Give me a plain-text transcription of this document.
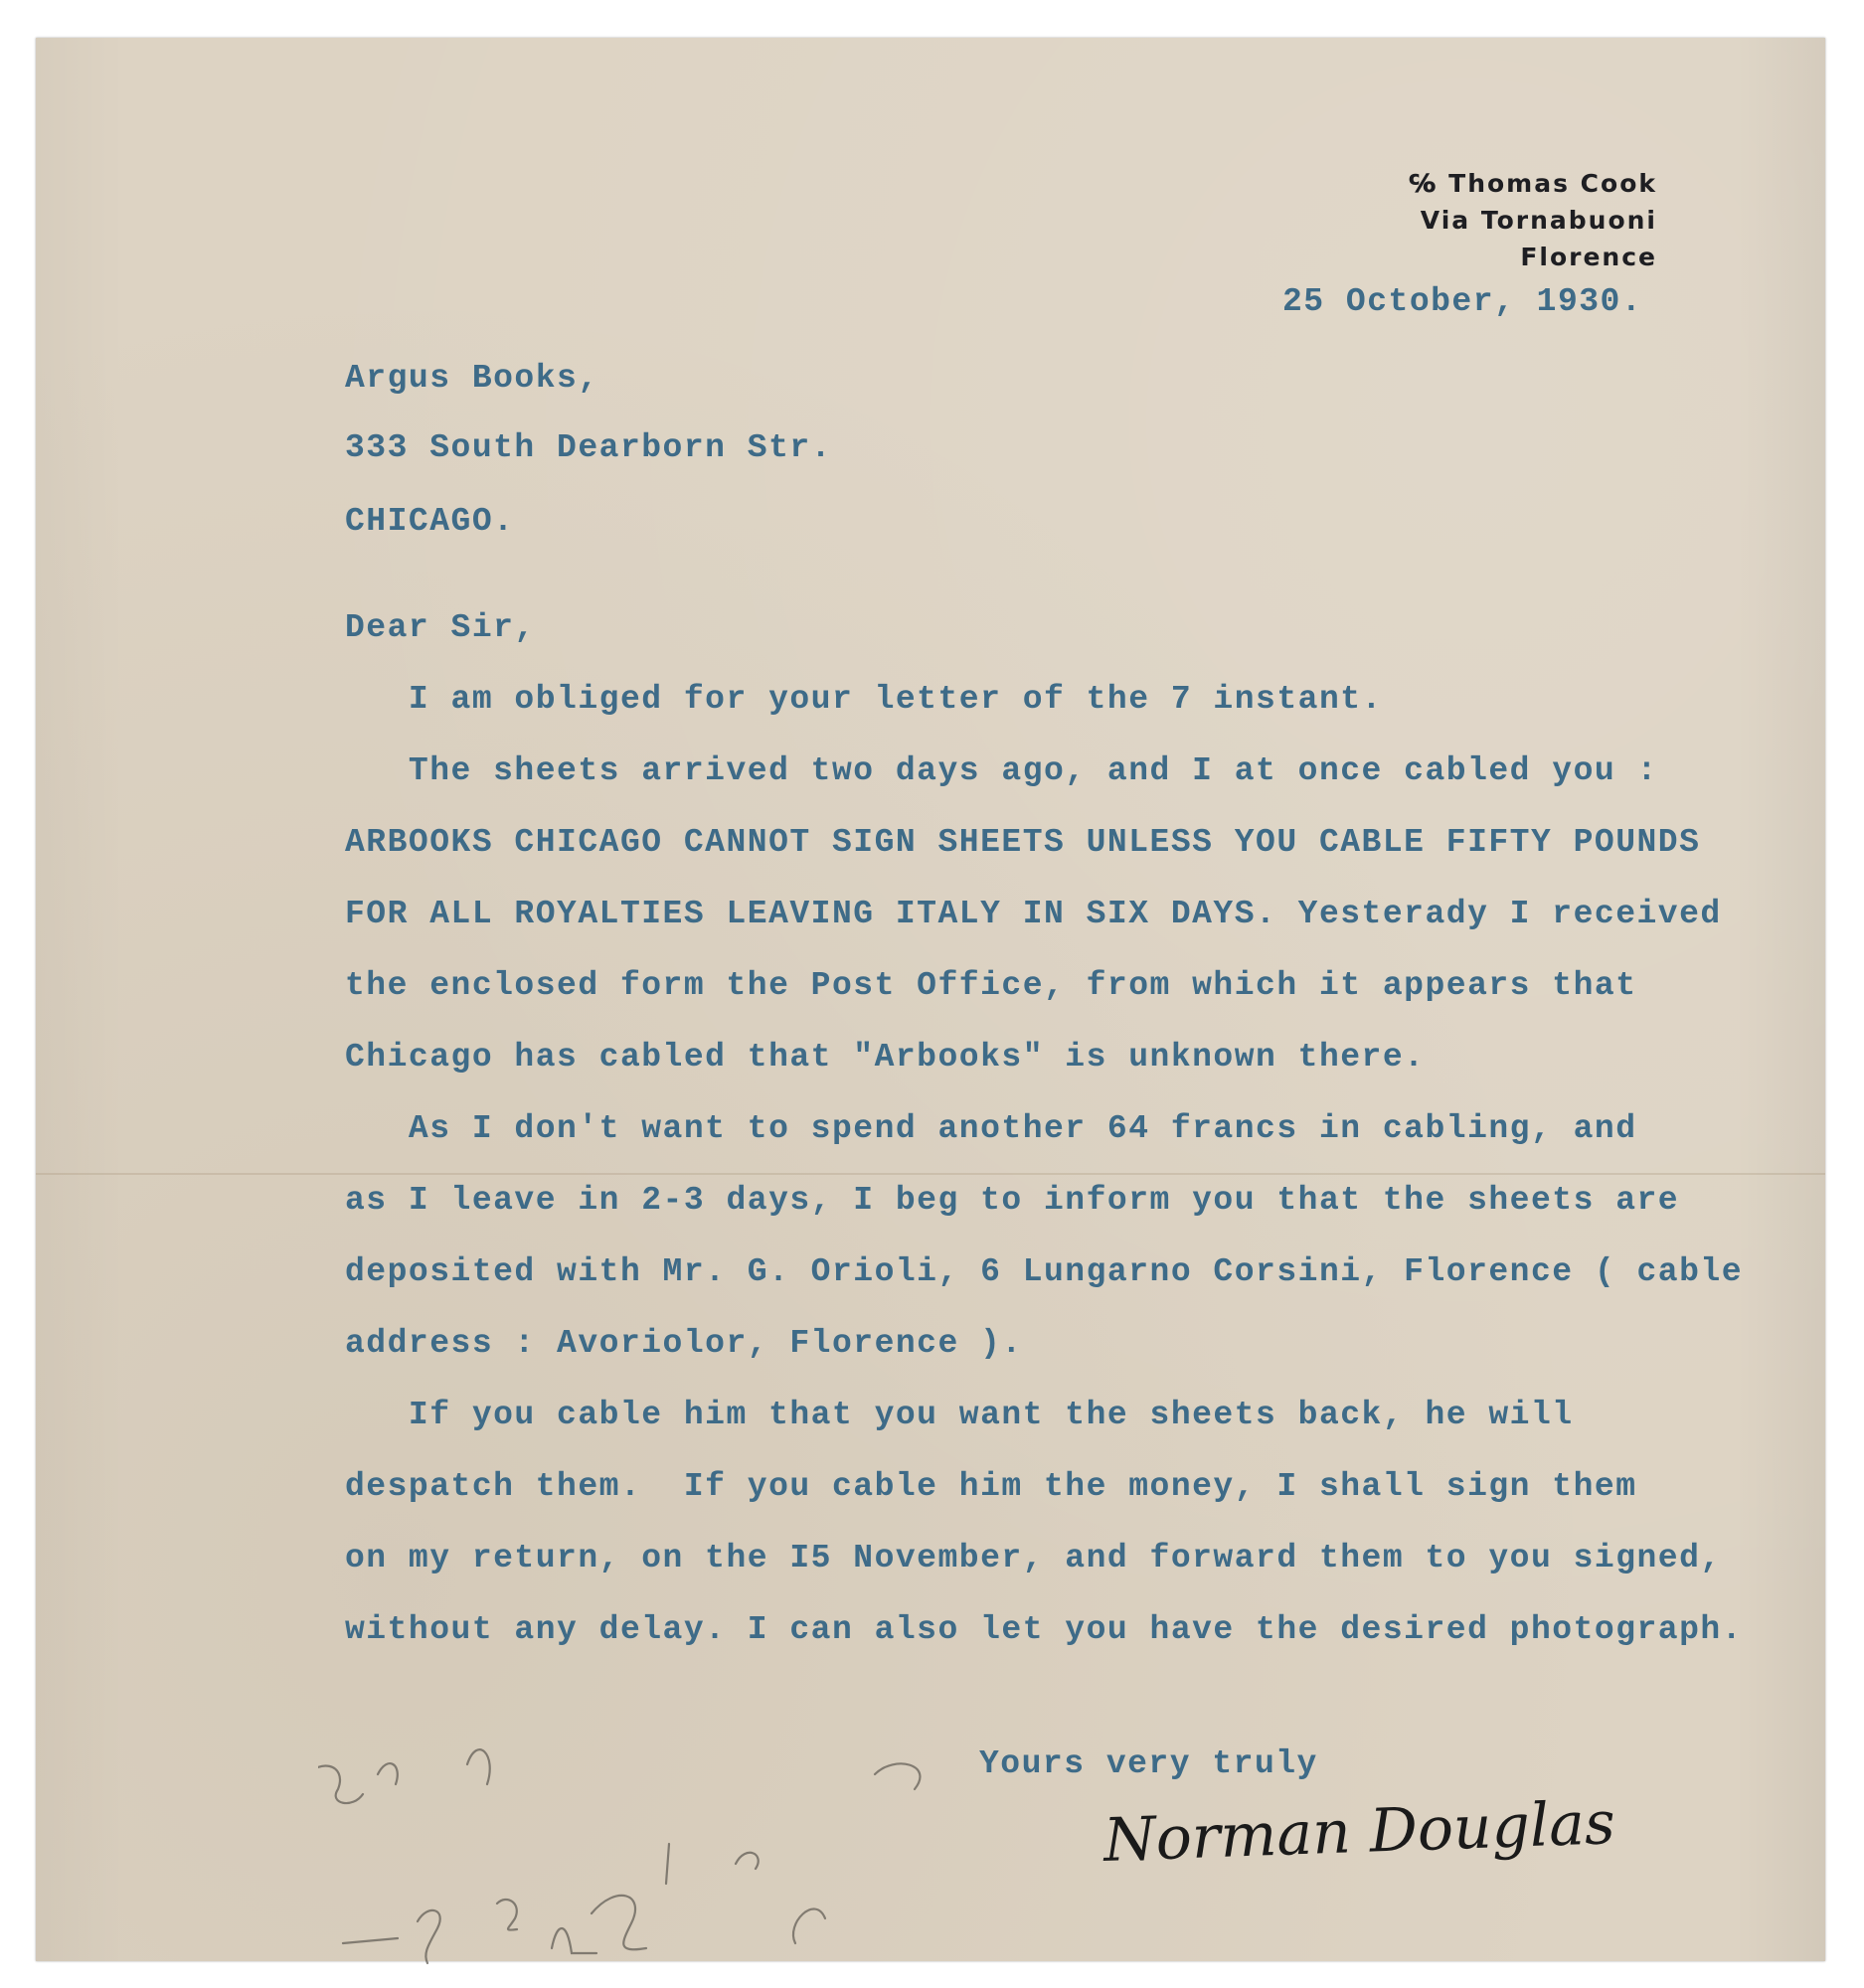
℅ Thomas Cook
Via Tornabuoni
Florence
25 October, 1930.
Argus Books,
333 South Dearborn Str.
CHICAGO.
Dear Sir,
I am obliged for your letter of the 7 instant.
The sheets arrived two days ago, and I at once cabled you :
ARBOOKS CHICAGO CANNOT SIGN SHEETS UNLESS YOU CABLE FIFTY POUNDS
FOR ALL ROYALTIES LEAVING ITALY IN SIX DAYS. Yesterady I received
the enclosed form the Post Office, from which it appears that
Chicago has cabled that "Arbooks" is unknown there.
As I don't want to spend another 64 francs in cabling, and
as I leave in 2-3 days, I beg to inform you that the sheets are
deposited with Mr. G. Orioli, 6 Lungarno Corsini, Florence ( cable
address : Avoriolor, Florence ).
If you cable him that you want the sheets back, he will
despatch them.  If you cable him the money, I shall sign them
on my return, on the I5 November, and forward them to you signed,
without any delay. I can also let you have the desired photograph.
Yours very truly
Norman Douglas
